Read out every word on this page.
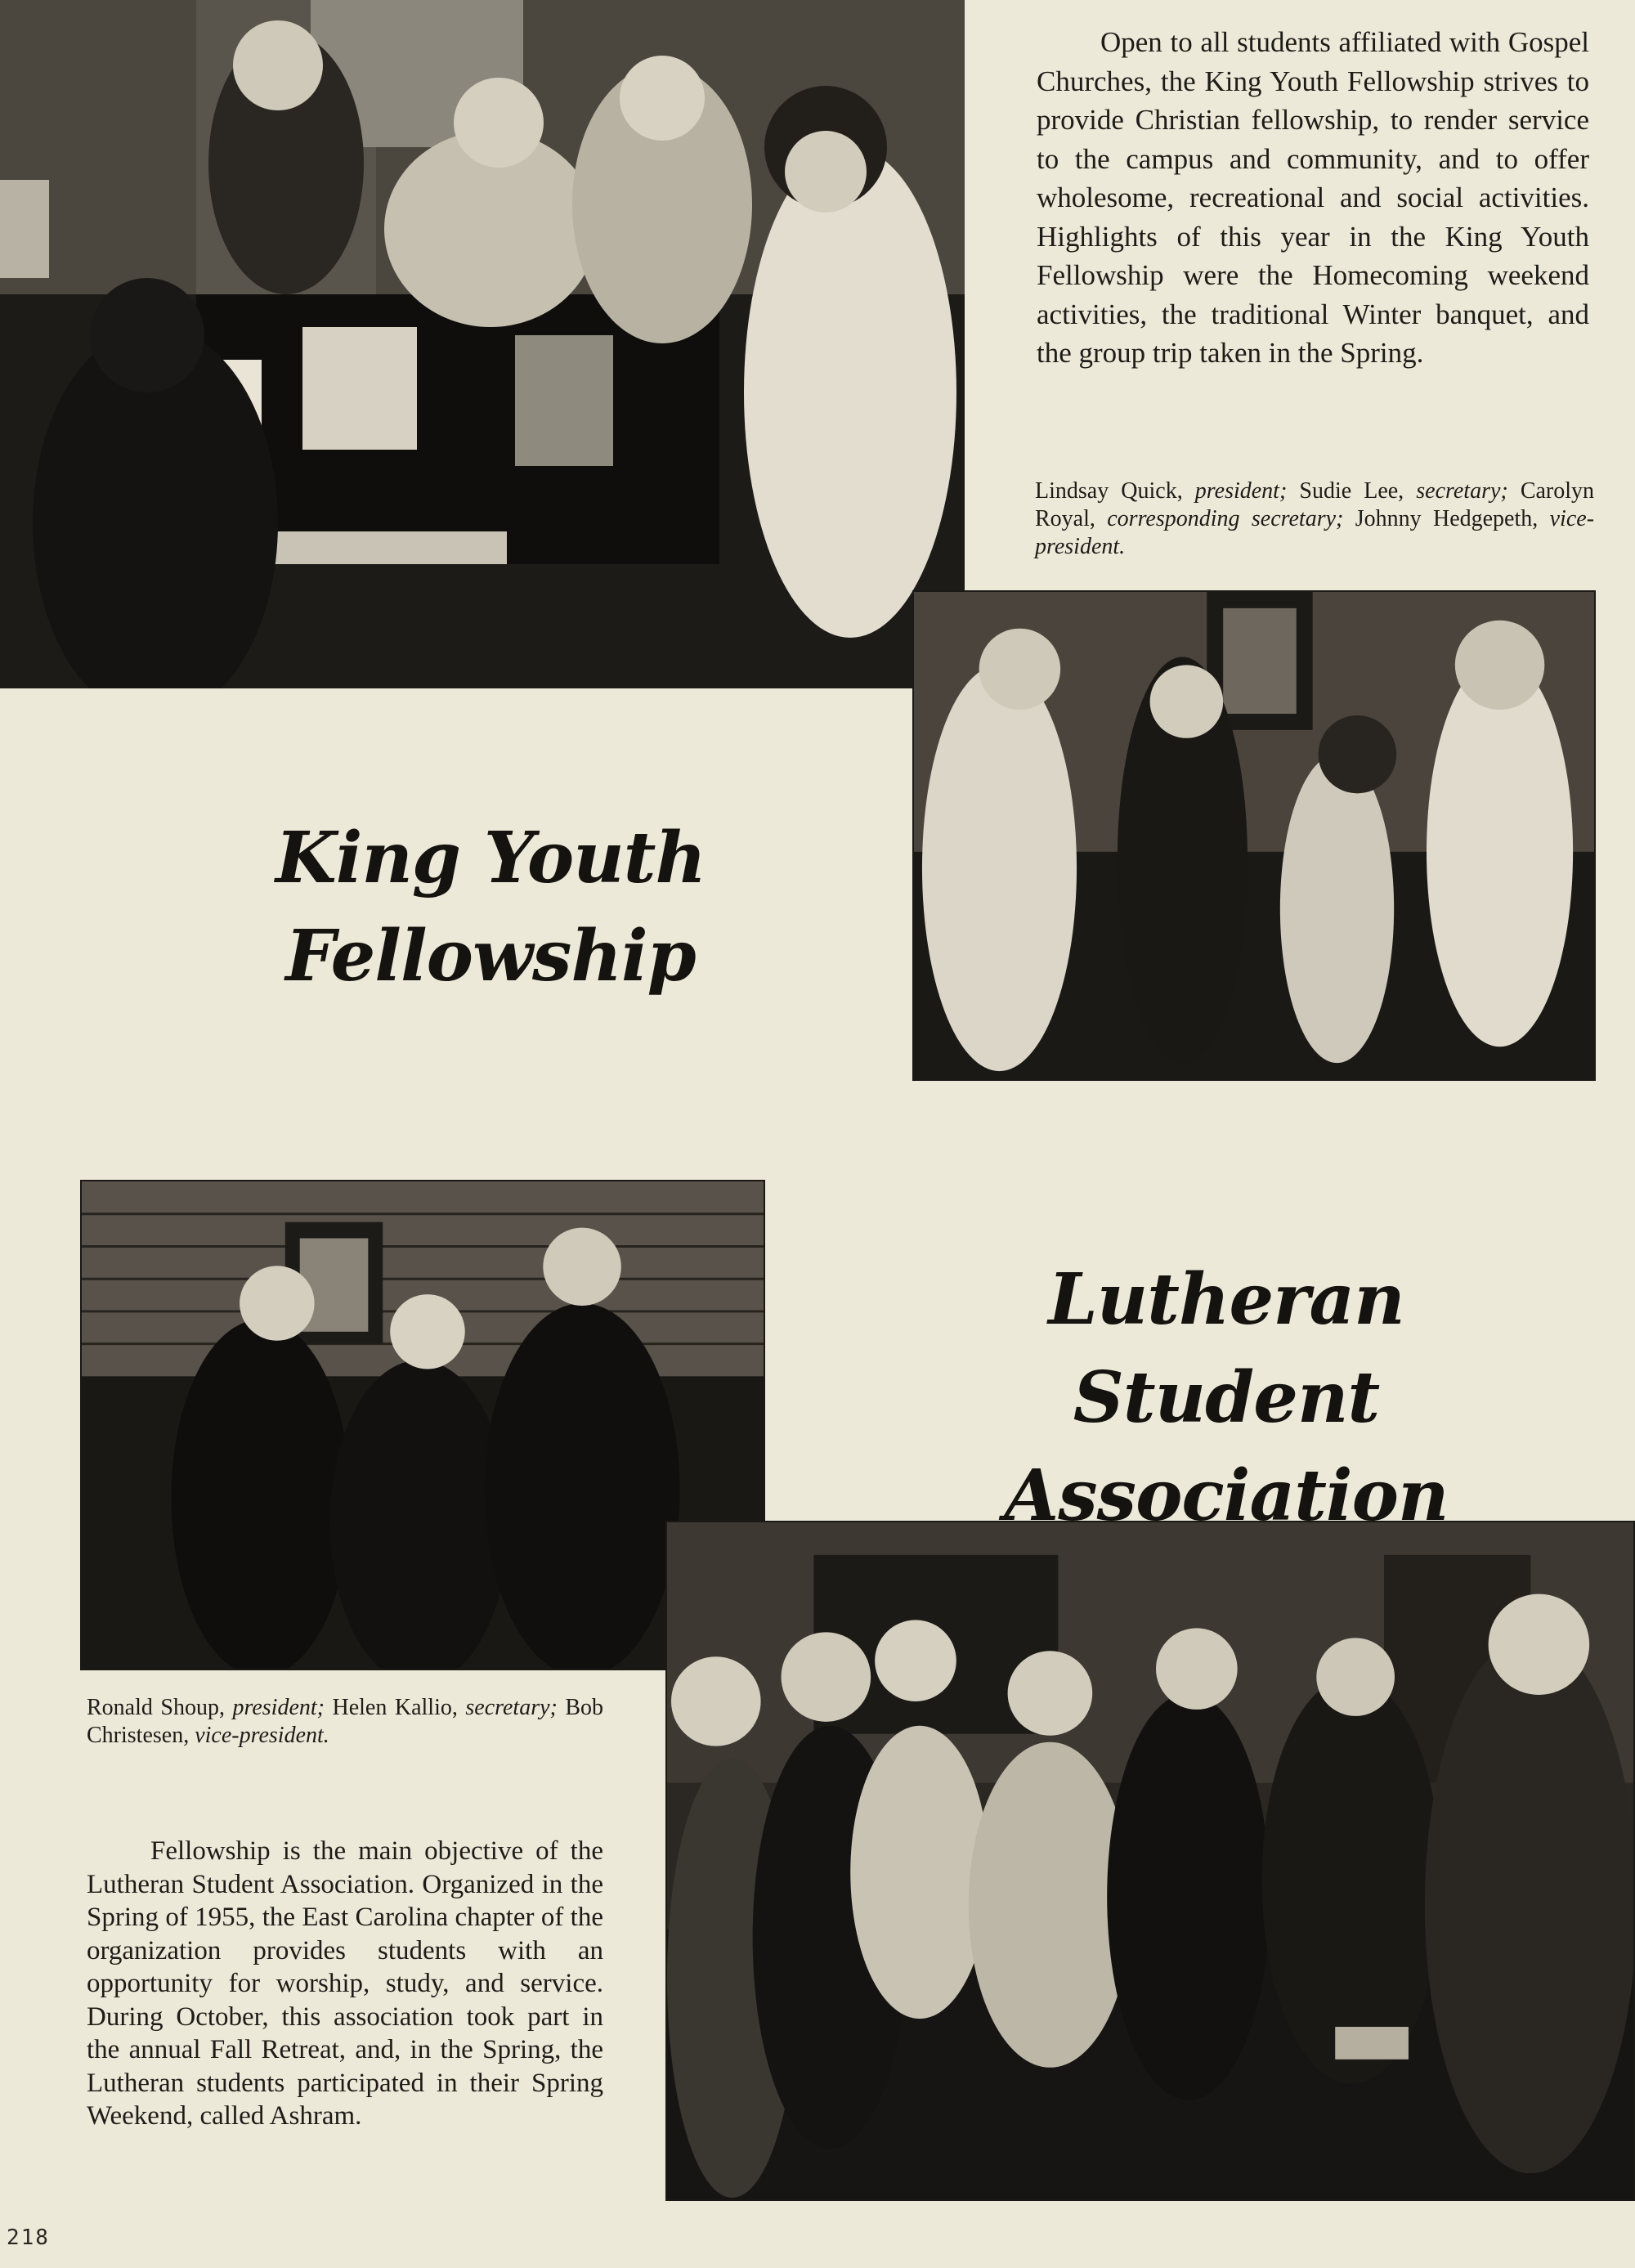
Open to all students affiliated with Gospel Churches, the King Youth Fellowship strives to provide Christian fellowship, to render service to the campus and community, and to offer wholesome, recreational and social activities. Highlights of this year in the King Youth Fellowship were the Homecoming weekend activities, the traditional Winter banquet, and the group trip taken in the Spring.

Lindsay Quick, president; Sudie Lee, secretary; Carolyn Royal, corresponding secretary; Johnny Hedgepeth, vice-president.

King Youth
Fellowship
Lutheran Student
Association

Ronald Shoup, president; Helen Kallio, secretary; Bob Christesen, vice-president.

Fellowship is the main objective of the Lutheran Student Association. Organized in the Spring of 1955, the East Carolina chapter of the organization provides students with an opportunity for worship, study, and service. During October, this association took part in the annual Fall Retreat, and, in the Spring, the Lutheran students participated in their Spring Weekend, called Ashram.

218
